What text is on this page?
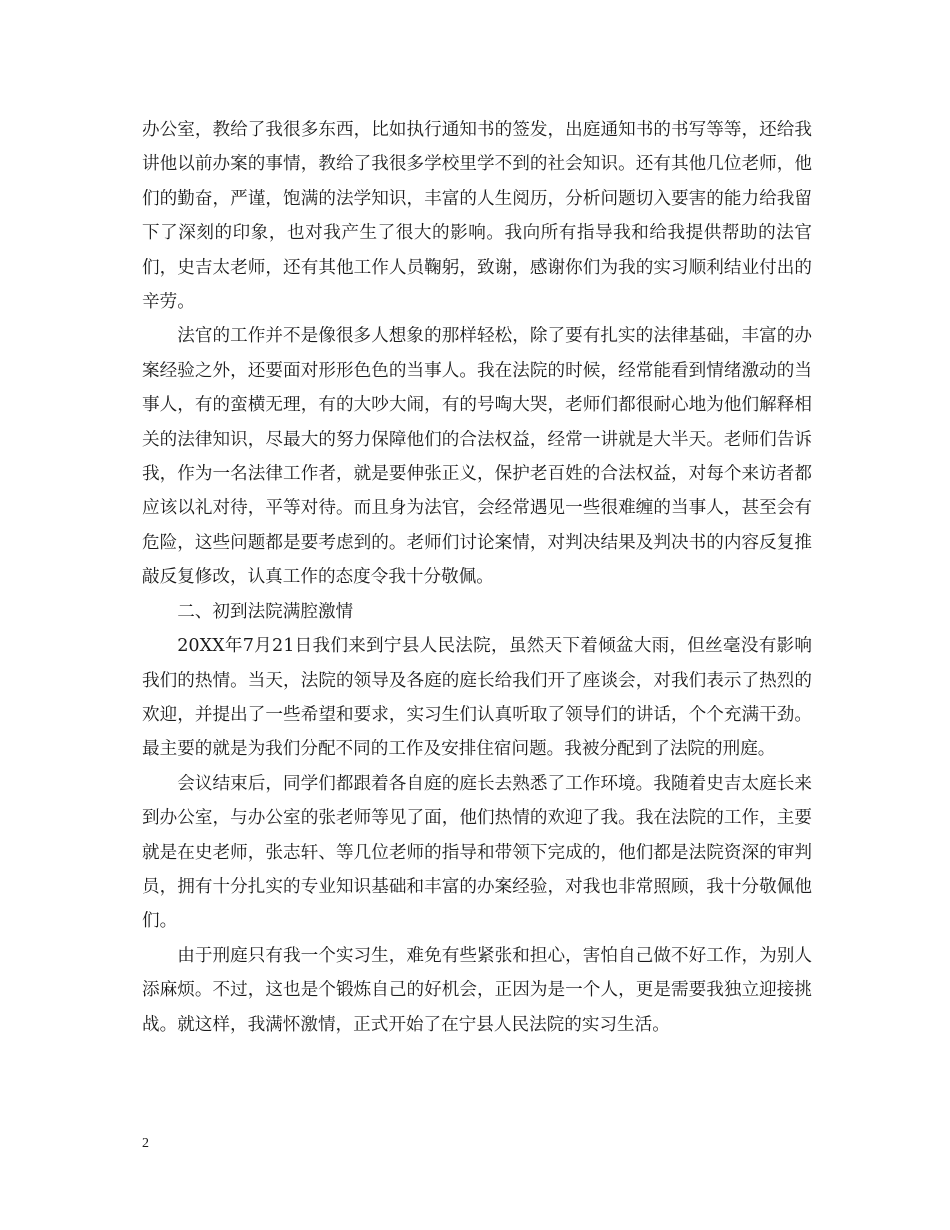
办公室，教给了我很多东西，比如执行通知书的签发，出庭通知书的书写等等，还给我讲他以前办案的事情，教给了我很多学校里学不到的社会知识。还有其他几位老师，他们的勤奋，严谨，饱满的法学知识，丰富的人生阅历，分析问题切入要害的能力给我留下了深刻的印象，也对我产生了很大的影响。我向所有指导我和给我提供帮助的法官们，史吉太老师，还有其他工作人员鞠躬，致谢，感谢你们为我的实习顺利结业付出的辛劳。

法官的工作并不是像很多人想象的那样轻松，除了要有扎实的法律基础，丰富的办案经验之外，还要面对形形色色的当事人。我在法院的时候，经常能看到情绪激动的当事人，有的蛮横无理，有的大吵大闹，有的号啕大哭，老师们都很耐心地为他们解释相关的法律知识，尽最大的努力保障他们的合法权益，经常一讲就是大半天。老师们告诉我，作为一名法律工作者，就是要伸张正义，保护老百姓的合法权益，对每个来访者都应该以礼对待，平等对待。而且身为法官，会经常遇见一些很难缠的当事人，甚至会有危险，这些问题都是要考虑到的。老师们讨论案情，对判决结果及判决书的内容反复推敲反复修改，认真工作的态度令我十分敬佩。

二、初到法院满腔激情

20XX年7月21日我们来到宁县人民法院，虽然天下着倾盆大雨，但丝毫没有影响我们的热情。当天，法院的领导及各庭的庭长给我们开了座谈会，对我们表示了热烈的欢迎，并提出了一些希望和要求，实习生们认真听取了领导们的讲话，个个充满干劲。最主要的就是为我们分配不同的工作及安排住宿问题。我被分配到了法院的刑庭。

会议结束后，同学们都跟着各自庭的庭长去熟悉了工作环境。我随着史吉太庭长来到办公室，与办公室的张老师等见了面，他们热情的欢迎了我。我在法院的工作，主要就是在史老师，张志轩、等几位老师的指导和带领下完成的，他们都是法院资深的审判员，拥有十分扎实的专业知识基础和丰富的办案经验，对我也非常照顾，我十分敬佩他们。

由于刑庭只有我一个实习生，难免有些紧张和担心，害怕自己做不好工作，为别人添麻烦。不过，这也是个锻炼自己的好机会，正因为是一个人，更是需要我独立迎接挑战。就这样，我满怀激情，正式开始了在宁县人民法院的实习生活。

2
